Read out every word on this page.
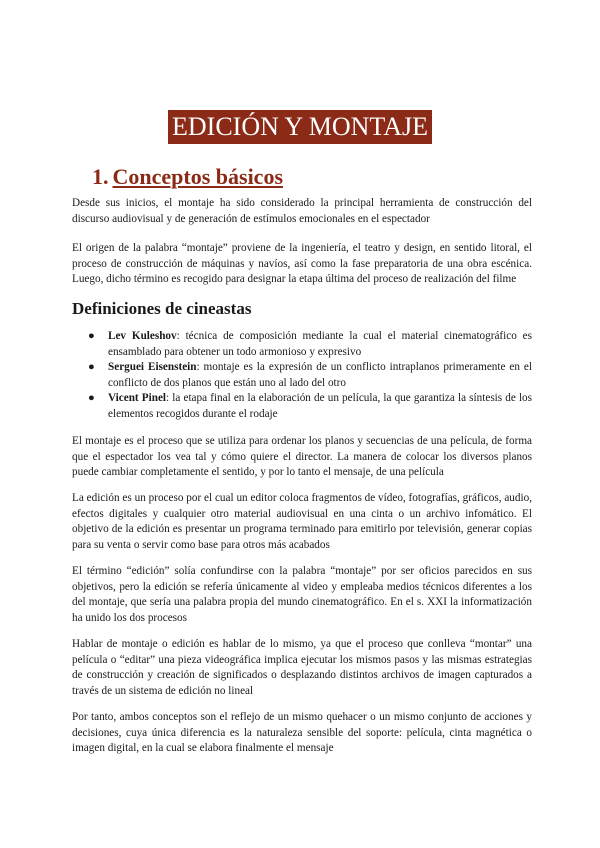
EDICIÓN Y MONTAJE
1. Conceptos básicos

Desde sus inicios, el montaje ha sido considerado la principal herramienta de construcción del discurso audiovisual y de generación de estímulos emocionales en el espectador

El origen de la palabra “montaje” proviene de la ingeniería, el teatro y design, en sentido litoral, el proceso de construcción de máquinas y navíos, así como la fase preparatoria de una obra escénica. Luego, dicho término es recogido para designar la etapa última del proceso de realización del filme

Definiciones de cineastas
● Lev Kuleshov: técnica de composición mediante la cual el material cinematográfico es ensamblado para obtener un todo armonioso y expresivo
● Serguei Eisenstein: montaje es la expresión de un conflicto intraplanos primeramente en el conflicto de dos planos que están uno al lado del otro
● Vicent Pinel: la etapa final en la elaboración de un película, la que garantiza la síntesis de los elementos recogidos durante el rodaje

El montaje es el proceso que se utiliza para ordenar los planos y secuencias de una película, de forma que el espectador los vea tal y cómo quiere el director. La manera de colocar los diversos planos puede cambiar completamente el sentido, y por lo tanto el mensaje, de una película

La edición es un proceso por el cual un editor coloca fragmentos de vídeo, fotografías, gráficos, audio, efectos digitales y cualquier otro material audiovisual en una cinta o un archivo infomático. El objetivo de la edición es presentar un programa terminado para emitirlo por televisión, generar copias para su venta o servir como base para otros más acabados

El término “edición” solía confundirse con la palabra “montaje” por ser oficios parecidos en sus objetivos, pero la edición se refería únicamente al video y empleaba medios técnicos diferentes a los del montaje, que sería una palabra propia del mundo cinematográfico. En el s. XXI la informatización ha unido los dos procesos

Hablar de montaje o edición es hablar de lo mismo, ya que el proceso que conlleva “montar” una película o “editar” una pieza videográfica implica ejecutar los mismos pasos y las mismas estrategias de construcción y creación de significados o desplazando distintos archivos de imagen capturados a través de un sistema de edición no lineal

Por tanto, ambos conceptos son el reflejo de un mismo quehacer o un mismo conjunto de acciones y decisiones, cuya única diferencia es la naturaleza sensible del soporte: película, cinta magnética o imagen digital, en la cual se elabora finalmente el mensaje
